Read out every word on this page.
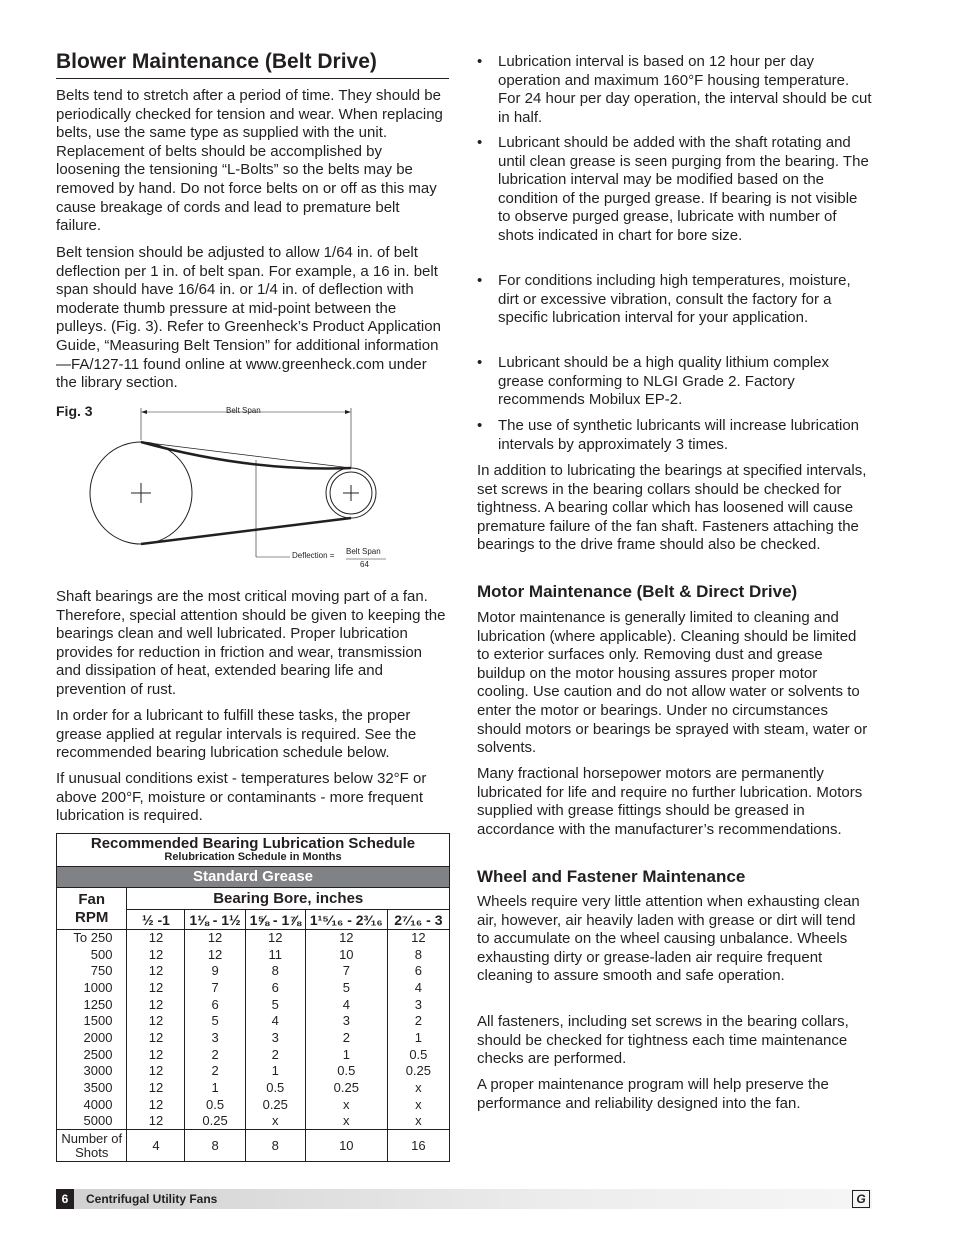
Blower Maintenance (Belt Drive)

Belts tend to stretch after a period of time. They should be periodically checked for tension and wear. When replacing belts, use the same type as supplied with the unit. Replacement of belts should be accomplished by loosening the tensioning “L-Bolts” so the belts may be removed by hand. Do not force belts on or off as this may cause breakage of cords and lead to premature belt failure.

Belt tension should be adjusted to allow 1/64 in. of belt deflection per 1 in. of belt span. For example, a 16 in. belt span should have 16/64 in. or 1/4 in. of deflection with moderate thumb pressure at mid-point between the pulleys. (Fig. 3). Refer to Greenheck’s Product Application Guide, “Measuring Belt Tension” for additional information—FA/127-11 found online at www.greenheck.com under the library section.

Fig. 3	Belt Span
Deflection = Belt Span
64

Shaft bearings are the most critical moving part of a fan. Therefore, special attention should be given to keeping the bearings clean and well lubricated. Proper lubrication provides for reduction in friction and wear, transmission and dissipation of heat, extended bearing life and prevention of rust.

In order for a lubricant to fulfill these tasks, the proper grease applied at regular intervals is required. See the recommended bearing lubrication schedule below.

If unusual conditions exist - temperatures below 32°F or above 200°F, moisture or contaminants - more frequent lubrication is required.

Recommended Bearing Lubrication Schedule
Relubrication Schedule in Months					

Standard Grease					
Fan RPM	Bearing Bore, inches				
	½ -1	1⅛ - 1½	1⅝ - 1⅞	1¹⁵⁄₁₆ - 2³⁄₁₆	2⁷⁄₁₆ - 3
To 250	12	12	12	12	12
500	12	12	11	10	8
750	12	9	8	7	6
1000	12	7	6	5	4
1250	12	6	5	4	3
1500	12	5	4	3	2
2000	12	3	3	2	1
2500	12	2	2	1	0.5
3000	12	2	1	0.5	0.25
3500	12	1	0.5	0.25	x
4000	12	0.5	0.25	x	x
5000	12	0.25	x	x	x
Number of Shots	4	8	8	10	16
• Lubrication interval is based on 12 hour per day operation and maximum 160°F housing temperature. For 24 hour per day operation, the interval should be cut in half.
• Lubricant should be added with the shaft rotating and until clean grease is seen purging from the bearing. The lubrication interval may be modified based on the condition of the purged grease. If bearing is not visible to observe purged grease, lubricate with number of shots indicated in chart for bore size.
• For conditions including high temperatures, moisture, dirt or excessive vibration, consult the factory for a specific lubrication interval for your application.
• Lubricant should be a high quality lithium complex grease conforming to NLGI Grade 2. Factory recommends Mobilux EP-2.
• The use of synthetic lubricants will increase lubrication intervals by approximately 3 times.

In addition to lubricating the bearings at specified intervals, set screws in the bearing collars should be checked for tightness. A bearing collar which has loosened will cause premature failure of the fan shaft. Fasteners attaching the bearings to the drive frame should also be checked.

Motor Maintenance (Belt & Direct Drive)

Motor maintenance is generally limited to cleaning and lubrication (where applicable). Cleaning should be limited to exterior surfaces only. Removing dust and grease buildup on the motor housing assures proper motor cooling. Use caution and do not allow water or solvents to enter the motor or bearings. Under no circumstances should motors or bearings be sprayed with steam, water or solvents.

Many fractional horsepower motors are permanently lubricated for life and require no further lubrication. Motors supplied with grease fittings should be greased in accordance with the manufacturer’s recommendations.

Wheel and Fastener Maintenance

Wheels require very little attention when exhausting clean air, however, air heavily laden with grease or dirt will tend to accumulate on the wheel causing unbalance. Wheels exhausting dirty or grease-laden air require frequent cleaning to assure smooth and safe operation.

All fasteners, including set screws in the bearing collars, should be checked for tightness each time maintenance checks are performed.

A proper maintenance program will help preserve the performance and reliability designed into the fan.

6	Centrifugal Utility Fans	G
